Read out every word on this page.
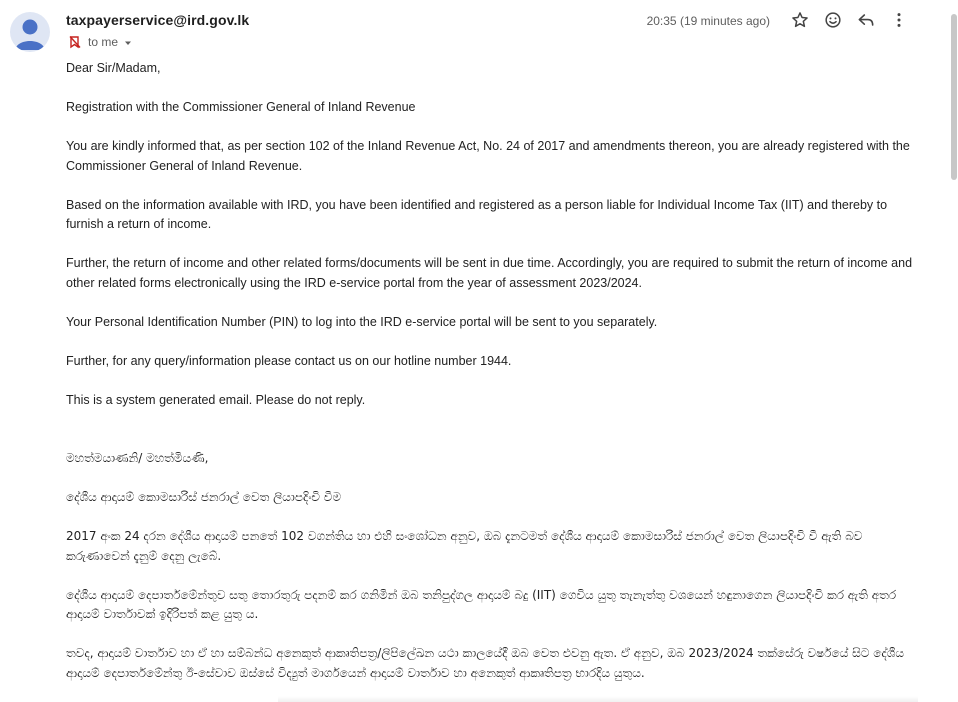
taxpayerservice@ird.gov.lk
to me
20:35 (19 minutes ago)

Dear Sir/Madam,

Registration with the Commissioner General of Inland Revenue

You are kindly informed that, as per section 102 of the Inland Revenue Act, No. 24 of 2017 and amendments thereon, you are already registered with the Commissioner General of Inland Revenue.

Based on the information available with IRD, you have been identified and registered as a person liable for Individual Income Tax (IIT) and thereby to furnish a return of income.

Further, the return of income and other related forms/documents will be sent in due time. Accordingly, you are required to submit the return of income and other related forms electronically using the IRD e-service portal from the year of assessment 2023/2024.

Your Personal Identification Number (PIN) to log into the IRD e-service portal will be sent to you separately.

Further, for any query/information please contact us on our hotline number 1944.

This is a system generated email. Please do not reply.

මහත්මයාණනි/ මහත්මියණි,

දේශීය ආදායම් කොමසාරිස් ජනරාල් වෙත ලියාපදිංචි වීම

2017 අංක 24 දරන දේශීය ආදායම් පනතේ 102 වගන්තිය හා එහි සංශෝධන අනුව, ඔබ දැනටමත් දේශීය ආදායම් කොමසාරිස් ජනරාල් වෙත ලියාපදිංචි වී ඇති බව කරුණාවෙන් දැනුම් දෙනු ලැබේ.

දේශීය ආදායම් දෙපාර්තමේන්තුව සතු තොරතුරු පදනම් කර ගනිමින් ඔබ තනිපුද්ගල ආදායම් බදු (IIT) ගෙවිය යුතු තැනැත්තු වශයෙන් හඳුනාගෙන ලියාපදිංචි කර ඇති අතර ආදායම් වාර්තාවක් ඉදිරිපත් කළ යුතු ය.

තවද, ආදායම් වාර්තාව හා ඒ හා සම්බන්ධ අනෙකුත් ආකෘතිපත්‍ර/ලිපිලේඛන යථා කාලයේදී ඔබ වෙත එවනු ඇත. ඒ අනුව, ඔබ 2023/2024 තක්සේරු වර්ෂයේ සිට දේශීය ආදායම් දෙපාර්තමේන්තු ඊ-සේවාව ඔස්සේ විද්‍යුත් මාර්ගයෙන් ආදායම් වාර්තාව හා අනෙකුත් ආකෘතිපත්‍ර භාරදිය යුතුය.
